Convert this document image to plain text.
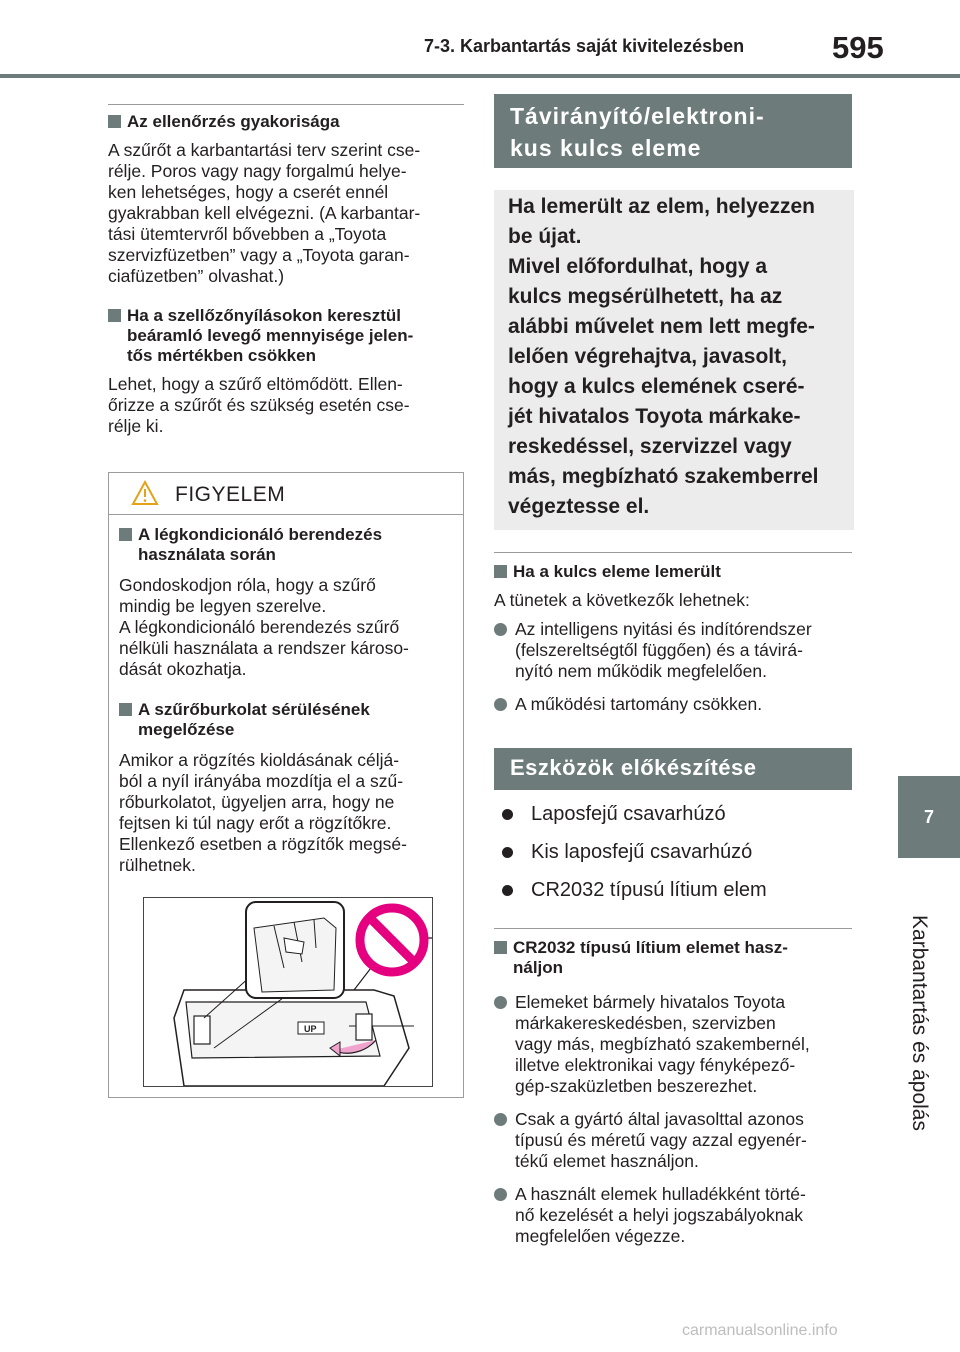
7-3. Karbantartás saját kivitelezésben	595
7
Karbantartás és ápolás
Az ellenőrzés gyakorisága
A szűrőt a karbantartási terv szerint cse-
rélje. Poros vagy nagy forgalmú helye-
ken lehetséges, hogy a cserét ennél
gyakrabban kell elvégezni. (A karbantar-
tási ütemtervről bővebben a „Toyota
szervizfüzetben” vagy a „Toyota garan-
ciafüzetben” olvashat.)
Ha a szellőzőnyílásokon keresztül
beáramló levegő mennyisége jelen-
tős mértékben csökken
Lehet, hogy a szűrő eltömődött. Ellen-
őrizze a szűrőt és szükség esetén cse-
rélje ki.
FIGYELEM
A légkondicionáló berendezés
használata során
Gondoskodjon róla, hogy a szűrő
mindig be legyen szerelve.
A légkondicionáló berendezés szűrő
nélküli használata a rendszer károso-
dását okozhatja.
A szűrőburkolat sérülésének
megelőzése
Amikor a rögzítés kioldásának céljá-
ból a nyíl irányába mozdítja el a szű-
rőburkolatot, ügyeljen arra, hogy ne
fejtsen ki túl nagy erőt a rögzítőkre.
Ellenkező esetben a rögzítők megsé-
rülhetnek.
UP
Távirányító/elektroni-
kus kulcs eleme
Ha lemerült az elem, helyezzen
be újat.
Mivel előfordulhat, hogy a
kulcs megsérülhetett, ha az
alábbi művelet nem lett megfe-
lelően végrehajtva, javasolt,
hogy a kulcs elemének cseré-
jét hivatalos Toyota márkake-
reskedéssel, szervizzel vagy
más, megbízható szakemberrel
végeztesse el.
Ha a kulcs eleme lemerült
A tünetek a következők lehetnek:
Az intelligens nyitási és indítórendszer
(felszereltségtől függően) és a távirá-
nyító nem működik megfelelően.
A működési tartomány csökken.
Eszközök előkészítése
Laposfejű csavarhúzó
Kis laposfejű csavarhúzó
CR2032 típusú lítium elem
CR2032 típusú lítium elemet hasz-
náljon
Elemeket bármely hivatalos Toyota
márkakereskedésben, szervizben
vagy más, megbízható szakembernél,
illetve elektronikai vagy fényképező-
gép-szaküzletben beszerezhet.
Csak a gyártó által javasolttal azonos
típusú és méretű vagy azzal egyenér-
tékű elemet használjon.
A használt elemek hulladékként törté-
nő kezelését a helyi jogszabályoknak
megfelelően végezze.
carmanualsonline.info
